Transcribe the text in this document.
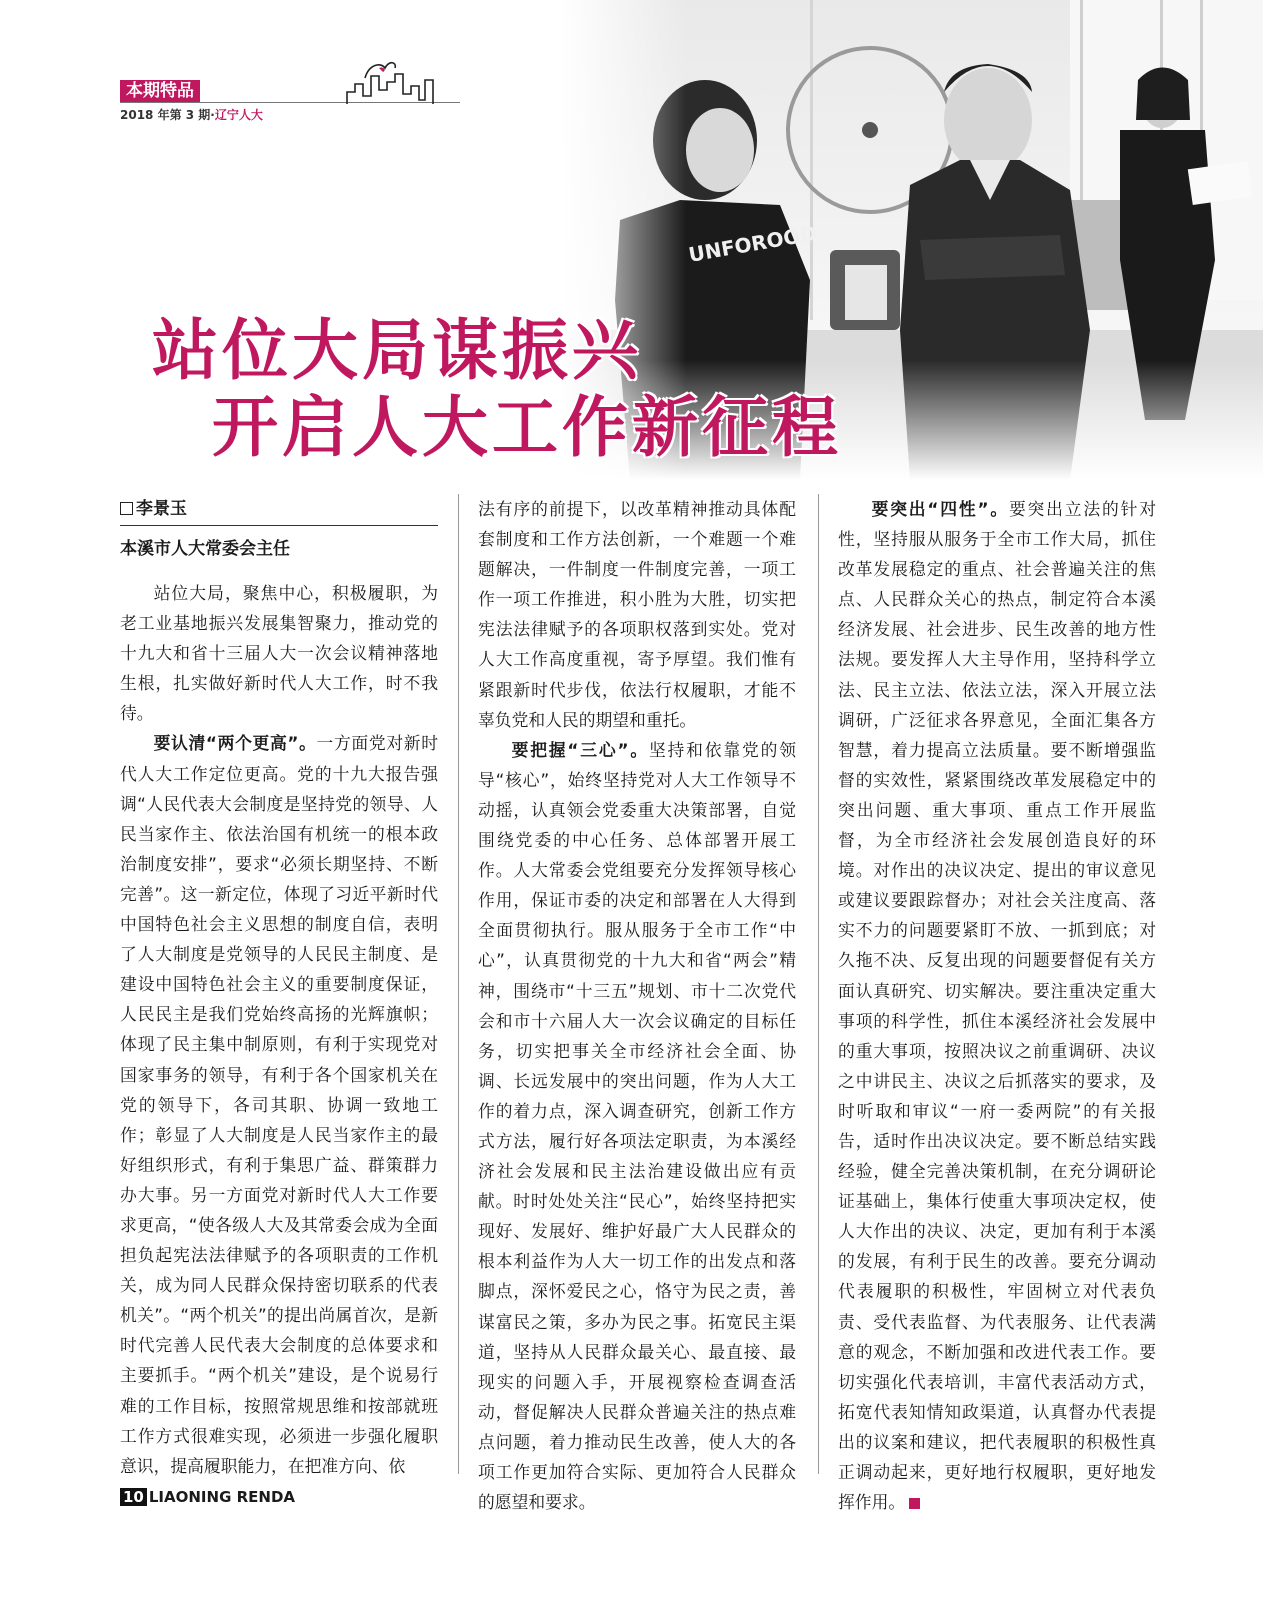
本期特品
2018 年第 3 期·辽宁人大
站位大局谋振兴
开启人大工作新征程
李景玉
本溪市人大常委会主任

站位大局，聚焦中心，积极履职，为老工业基地振兴发展集智聚力，推动党的十九大和省十三届人大一次会议精神落地生根，扎实做好新时代人大工作，时不我待。

要认清“两个更高”。一方面党对新时代人大工作定位更高。党的十九大报告强调“人民代表大会制度是坚持党的领导、人民当家作主、依法治国有机统一的根本政治制度安排”，要求“必须长期坚持、不断完善”。这一新定位，体现了习近平新时代中国特色社会主义思想的制度自信，表明了人大制度是党领导的人民民主制度、是建设中国特色社会主义的重要制度保证，人民民主是我们党始终高扬的光辉旗帜；体现了民主集中制原则，有利于实现党对国家事务的领导，有利于各个国家机关在党的领导下，各司其职、协调一致地工作；彰显了人大制度是人民当家作主的最好组织形式，有利于集思广益、群策群力办大事。另一方面党对新时代人大工作要求更高，“使各级人大及其常委会成为全面担负起宪法法律赋予的各项职责的工作机关，成为同人民群众保持密切联系的代表机关”。“两个机关”的提出尚属首次，是新时代完善人民代表大会制度的总体要求和主要抓手。“两个机关”建设，是个说易行难的工作目标，按照常规思维和按部就班工作方式很难实现，必须进一步强化履职意识，提高履职能力，在把准方向、依

法有序的前提下，以改革精神推动具体配套制度和工作方法创新，一个难题一个难题解决，一件制度一件制度完善，一项工作一项工作推进，积小胜为大胜，切实把宪法法律赋予的各项职权落到实处。党对人大工作高度重视，寄予厚望。我们惟有紧跟新时代步伐，依法行权履职，才能不辜负党和人民的期望和重托。

要把握“三心”。坚持和依靠党的领导“核心”，始终坚持党对人大工作领导不动摇，认真领会党委重大决策部署，自觉围绕党委的中心任务、总体部署开展工作。人大常委会党组要充分发挥领导核心作用，保证市委的决定和部署在人大得到全面贯彻执行。服从服务于全市工作“中心”，认真贯彻党的十九大和省“两会”精神，围绕市“十三五”规划、市十二次党代会和市十六届人大一次会议确定的目标任务，切实把事关全市经济社会全面、协调、长远发展中的突出问题，作为人大工作的着力点，深入调查研究，创新工作方式方法，履行好各项法定职责，为本溪经济社会发展和民主法治建设做出应有贡献。时时处处关注“民心”，始终坚持把实现好、发展好、维护好最广大人民群众的根本利益作为人大一切工作的出发点和落脚点，深怀爱民之心，恪守为民之责，善谋富民之策，多办为民之事。拓宽民主渠道，坚持从人民群众最关心、最直接、最现实的问题入手，开展视察检查调查活动，督促解决人民群众普遍关注的热点难点问题，着力推动民生改善，使人大的各项工作更加符合实际、更加符合人民群众的愿望和要求。

要突出“四性”。要突出立法的针对性，坚持服从服务于全市工作大局，抓住改革发展稳定的重点、社会普遍关注的焦点、人民群众关心的热点，制定符合本溪经济发展、社会进步、民生改善的地方性法规。要发挥人大主导作用，坚持科学立法、民主立法、依法立法，深入开展立法调研，广泛征求各界意见，全面汇集各方智慧，着力提高立法质量。要不断增强监督的实效性，紧紧围绕改革发展稳定中的突出问题、重大事项、重点工作开展监督，为全市经济社会发展创造良好的环境。对作出的决议决定、提出的审议意见或建议要跟踪督办；对社会关注度高、落实不力的问题要紧盯不放、一抓到底；对久拖不决、反复出现的问题要督促有关方面认真研究、切实解决。要注重决定重大事项的科学性，抓住本溪经济社会发展中的重大事项，按照决议之前重调研、决议之中讲民主、决议之后抓落实的要求，及时听取和审议“一府一委两院”的有关报告，适时作出决议决定。要不断总结实践经验，健全完善决策机制，在充分调研论证基础上，集体行使重大事项决定权，使人大作出的决议、决定，更加有利于本溪的发展，有利于民生的改善。要充分调动代表履职的积极性，牢固树立对代表负责、受代表监督、为代表服务、让代表满意的观念，不断加强和改进代表工作。要切实强化代表培训，丰富代表活动方式，拓宽代表知情知政渠道，认真督办代表提出的议案和建议，把代表履职的积极性真正调动起来，更好地行权履职，更好地发挥作用。

10 LIAONING RENDA
